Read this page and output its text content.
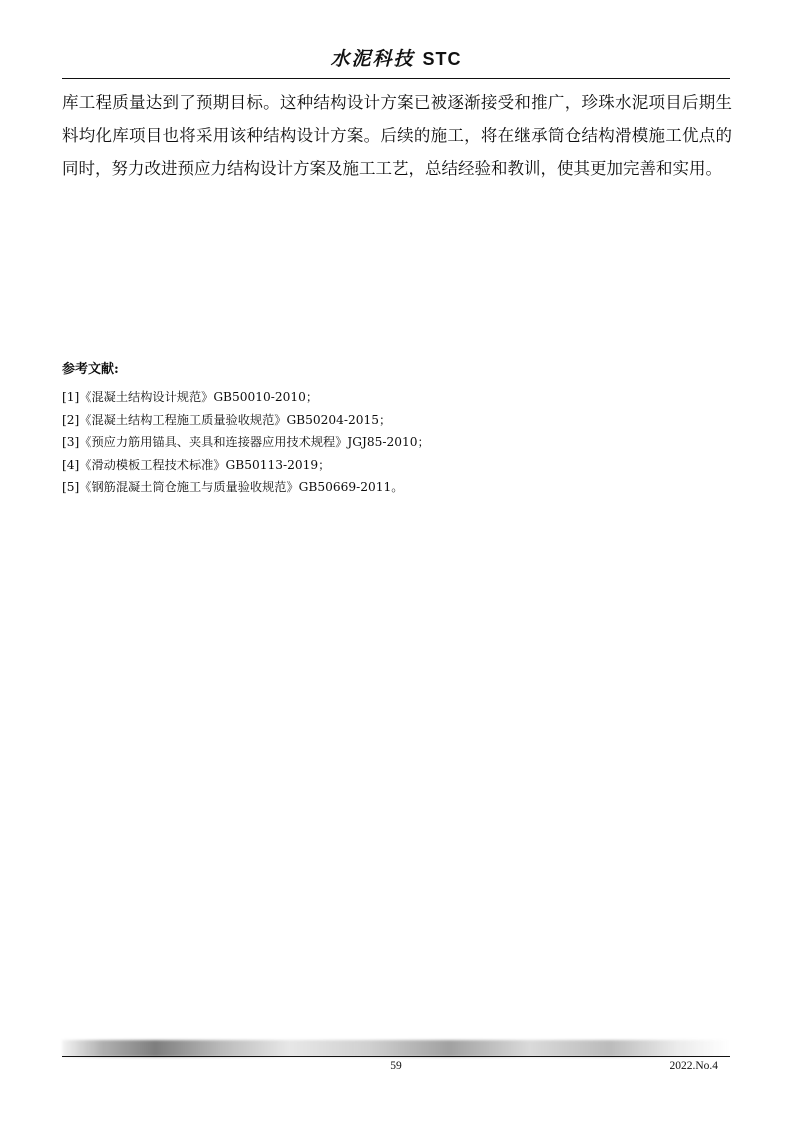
水泥科技 STC
库工程质量达到了预期目标。这种结构设计方案已被逐渐接受和推广，珍珠水泥项目后期生料均化库项目也将采用该种结构设计方案。后续的施工，将在继承筒仓结构滑模施工优点的同时，努力改进预应力结构设计方案及施工工艺，总结经验和教训，使其更加完善和实用。
参考文献:
[1]《混凝土结构设计规范》GB50010-2010；
[2]《混凝土结构工程施工质量验收规范》GB50204-2015；
[3]《预应力筋用锚具、夹具和连接器应用技术规程》JGJ85-2010；
[4]《滑动模板工程技术标准》GB50113-2019；
[5]《钢筋混凝土筒仓施工与质量验收规范》GB50669-2011。
59	2022.No.4
